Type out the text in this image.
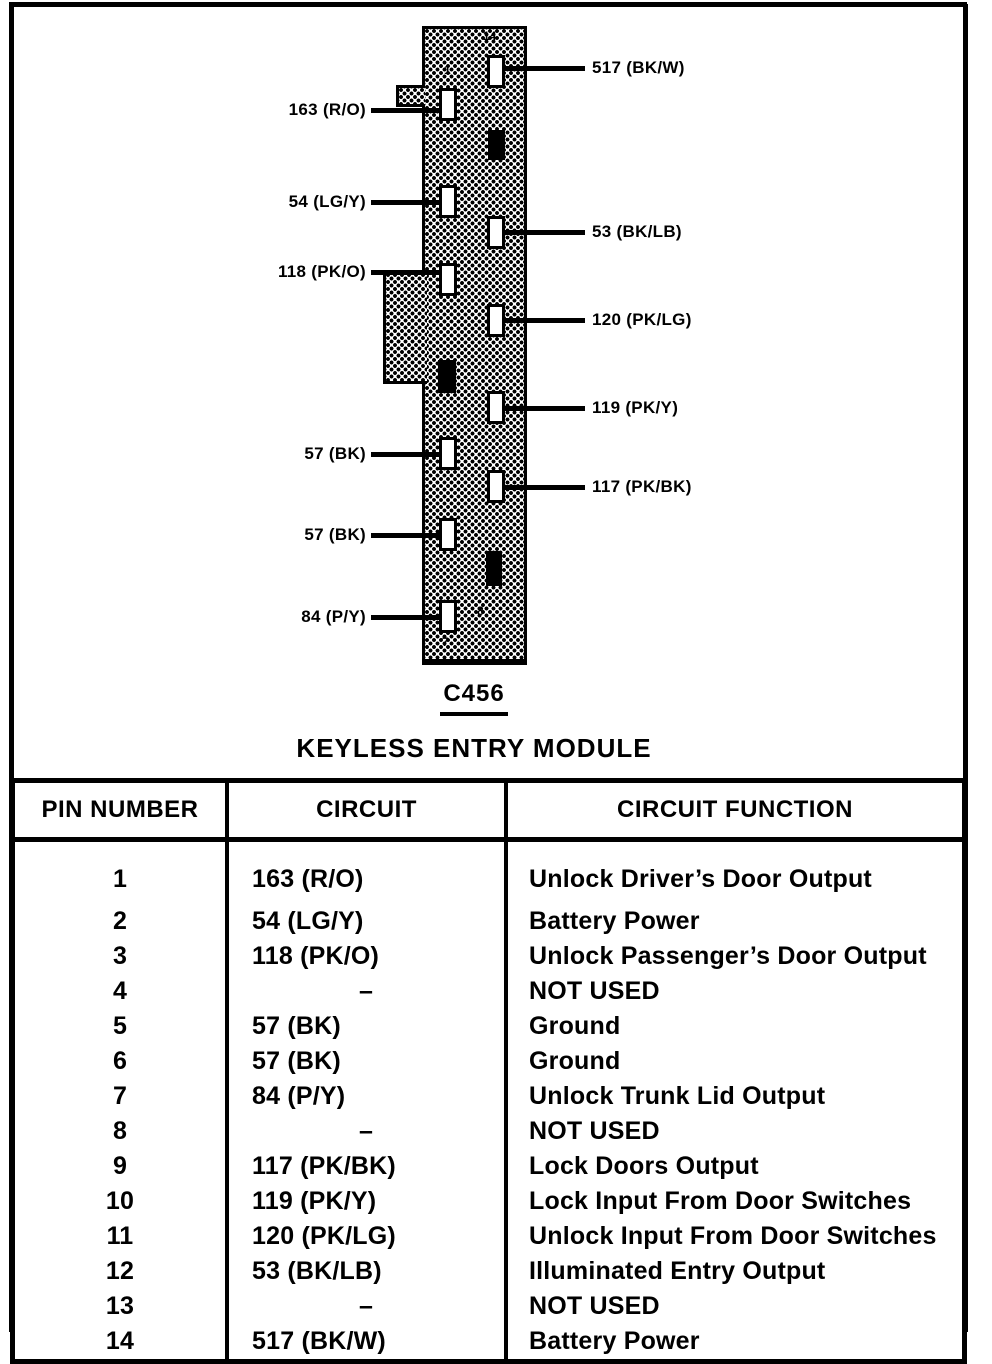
14
1
8
7
163 (R/O)
54 (LG/Y)
118 (PK/O)
57 (BK)
57 (BK)
84 (P/Y)
517 (BK/W)
53 (BK/LB)
120 (PK/LG)
119 (PK/Y)
117 (PK/BK)
C456
KEYLESS ENTRY MODULE
PIN NUMBER	CIRCUIT	CIRCUIT FUNCTION
1	163 (R/O)	Unlock Driver’s Door Output
2	54 (LG/Y)	Battery Power
3	118 (PK/O)	Unlock Passenger’s Door Output
4	–	NOT USED
5	57 (BK)	Ground
6	57 (BK)	Ground
7	84 (P/Y)	Unlock Trunk Lid Output
8	–	NOT USED
9	117 (PK/BK)	Lock Doors Output
10	119 (PK/Y)	Lock Input From Door Switches
11	120 (PK/LG)	Unlock Input From Door Switches
12	53 (BK/LB)	Illuminated Entry Output
13	–	NOT USED
14	517 (BK/W)	Battery Power
